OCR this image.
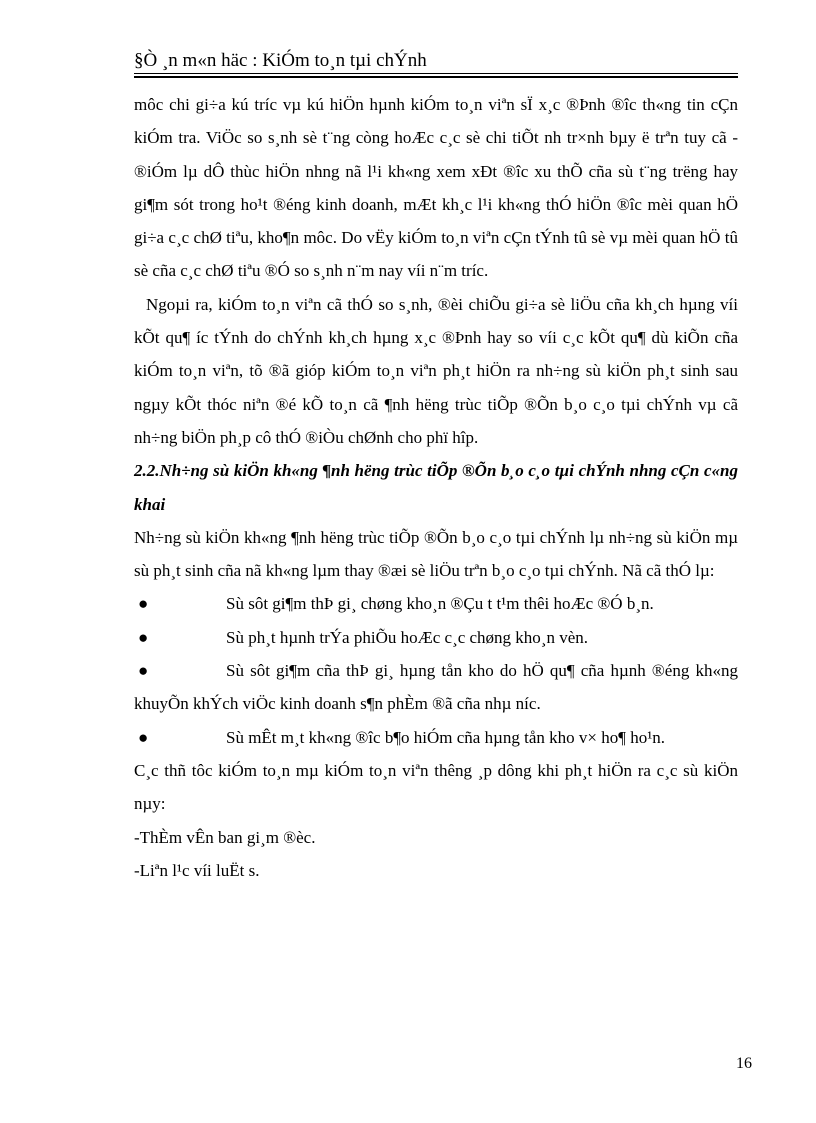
§Ò ¸n m«n häc : KiÓm to¸n tµi chÝnh

môc chi gi÷a kú tríc vµ kú hiÖn hµnh kiÓm to¸n viªn sÏ x¸c ®Þnh ®îc th«ng tin cÇn kiÓm tra. ViÖc so s¸nh sè t¨ng còng hoÆc c¸c sè chi tiÕt nh tr×nh bµy ë trªn tuy cã ®iÓm lµ dÔ thùc hiÖn nhng nã l¹i kh«ng xem xÐt ®îc xu thÕ cña sù t¨ng trëng hay gi¶m sót trong ho¹t ®éng kinh doanh, mÆt kh¸c l¹i kh«ng thÓ hiÖn ®îc mèi quan hÖ gi÷a c¸c chØ tiªu, kho¶n môc. Do vËy kiÓm to¸n viªn cÇn tÝnh tû sè vµ mèi quan hÖ tû sè cña c¸c chØ tiªu ®Ó so s¸nh n¨m nay víi n¨m tríc.

Ngoµi ra, kiÓm to¸n viªn cã thÓ so s¸nh, ®èi chiÕu gi÷a sè liÖu cña kh¸ch hµng víi kÕt qu¶ íc tÝnh do chÝnh kh¸ch hµng x¸c ®Þnh hay so víi c¸c kÕt qu¶ dù kiÕn cña kiÓm to¸n viªn, tõ ®ã gióp kiÓm to¸n viªn ph¸t hiÖn ra nh÷ng sù kiÖn ph¸t sinh sau ngµy kÕt thóc niªn ®é kÕ to¸n cã ¶nh hëng trùc tiÕp ®Õn b¸o c¸o tµi chÝnh vµ cã nh÷ng biÖn ph¸p cô thÓ ®iÒu chØnh cho phï hîp.

2.2.Nh÷ng sù kiÖn kh«ng ¶nh hëng trùc tiÕp ®Õn b¸o c¸o tµi chÝnh nhng cÇn c«ng khai

Nh÷ng sù kiÖn kh«ng ¶nh hëng trùc tiÕp ®Õn b¸o c¸o tµi chÝnh lµ nh÷ng sù kiÖn mµ sù ph¸t sinh cña nã kh«ng lµm thay ®æi sè liÖu trªn b¸o c¸o tµi chÝnh. Nã cã thÓ lµ:

●	Sù sôt gi¶m thÞ gi¸ chøng kho¸n ®Çu t t¹m thêi hoÆc ®Ó b¸n.

●	Sù ph¸t hµnh trÝa phiÕu hoÆc c¸c chøng kho¸n vèn.

●	Sù sôt gi¶m cña thÞ gi¸ hµng tån kho do hÖ qu¶ cña hµnh ®éng kh«ng khuyÕn khÝch viÖc kinh doanh s¶n phÈm ®ã cña nhµ níc.

●	Sù mÊt m¸t kh«ng ®îc b¶o hiÓm cña hµng tån kho v× ho¶ ho¹n.

C¸c thñ tôc kiÓm to¸n mµ kiÓm to¸n viªn thêng ¸p dông khi ph¸t hiÖn ra c¸c sù kiÖn nµy:

-ThÈm vÊn ban gi¸m ®èc.

-Liªn l¹c víi luËt s.

16
